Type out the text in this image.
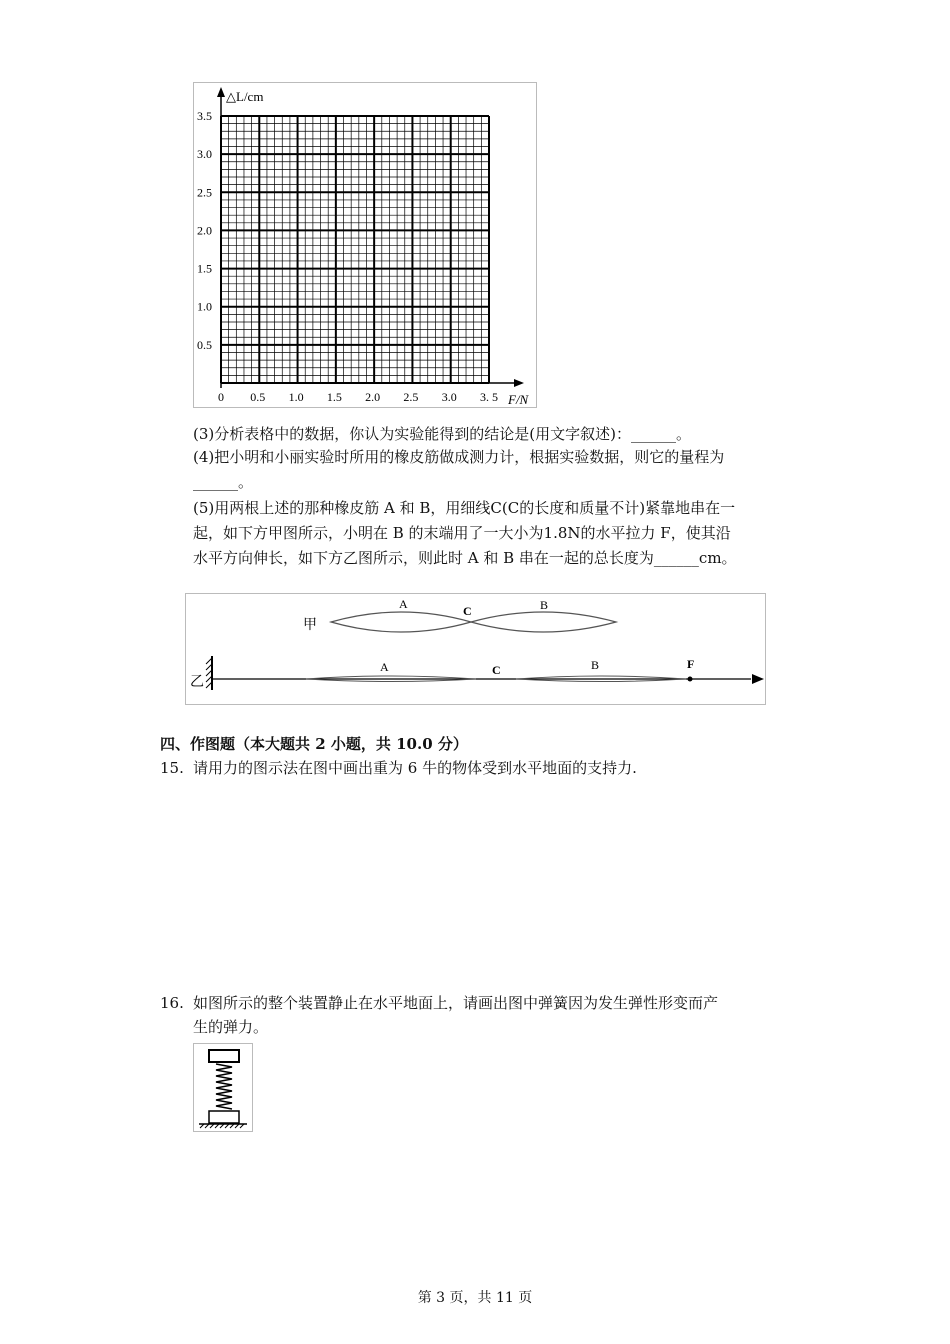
△L/cm
F/N
0
0.5
1.0
1.5
2.0
2.5
3.0
3.5
0.5 1.0 1.5 2.0 2.5 3.0 3. 5
(3)分析表格中的数据，你认为实验能得到的结论是(用文字叙述)：______。
(4)把小明和小丽实验时所用的橡皮筋做成测力计，根据实验数据，则它的量程为
______。
(5)用两根上述的那种橡皮筋 A 和 B，用细线C(C的长度和质量不计)紧靠地串在一
起，如下方甲图所示，小明在 B 的末端用了一大小为1.8N的水平拉力 F，使其沿
水平方向伸长，如下方乙图所示，则此时 A 和 B 串在一起的总长度为______cm。
甲
A	C	B
乙
A	C	B	F
四、作图题（本大题共 2 小题，共 10.0 分）
15. 请用力的图示法在图中画出重为 6 牛的物体受到水平地面的支持力.
16. 如图所示的整个装置静止在水平地面上，请画出图中弹簧因为发生弹性形变而产
生的弹力。
第 3 页，共 11 页
